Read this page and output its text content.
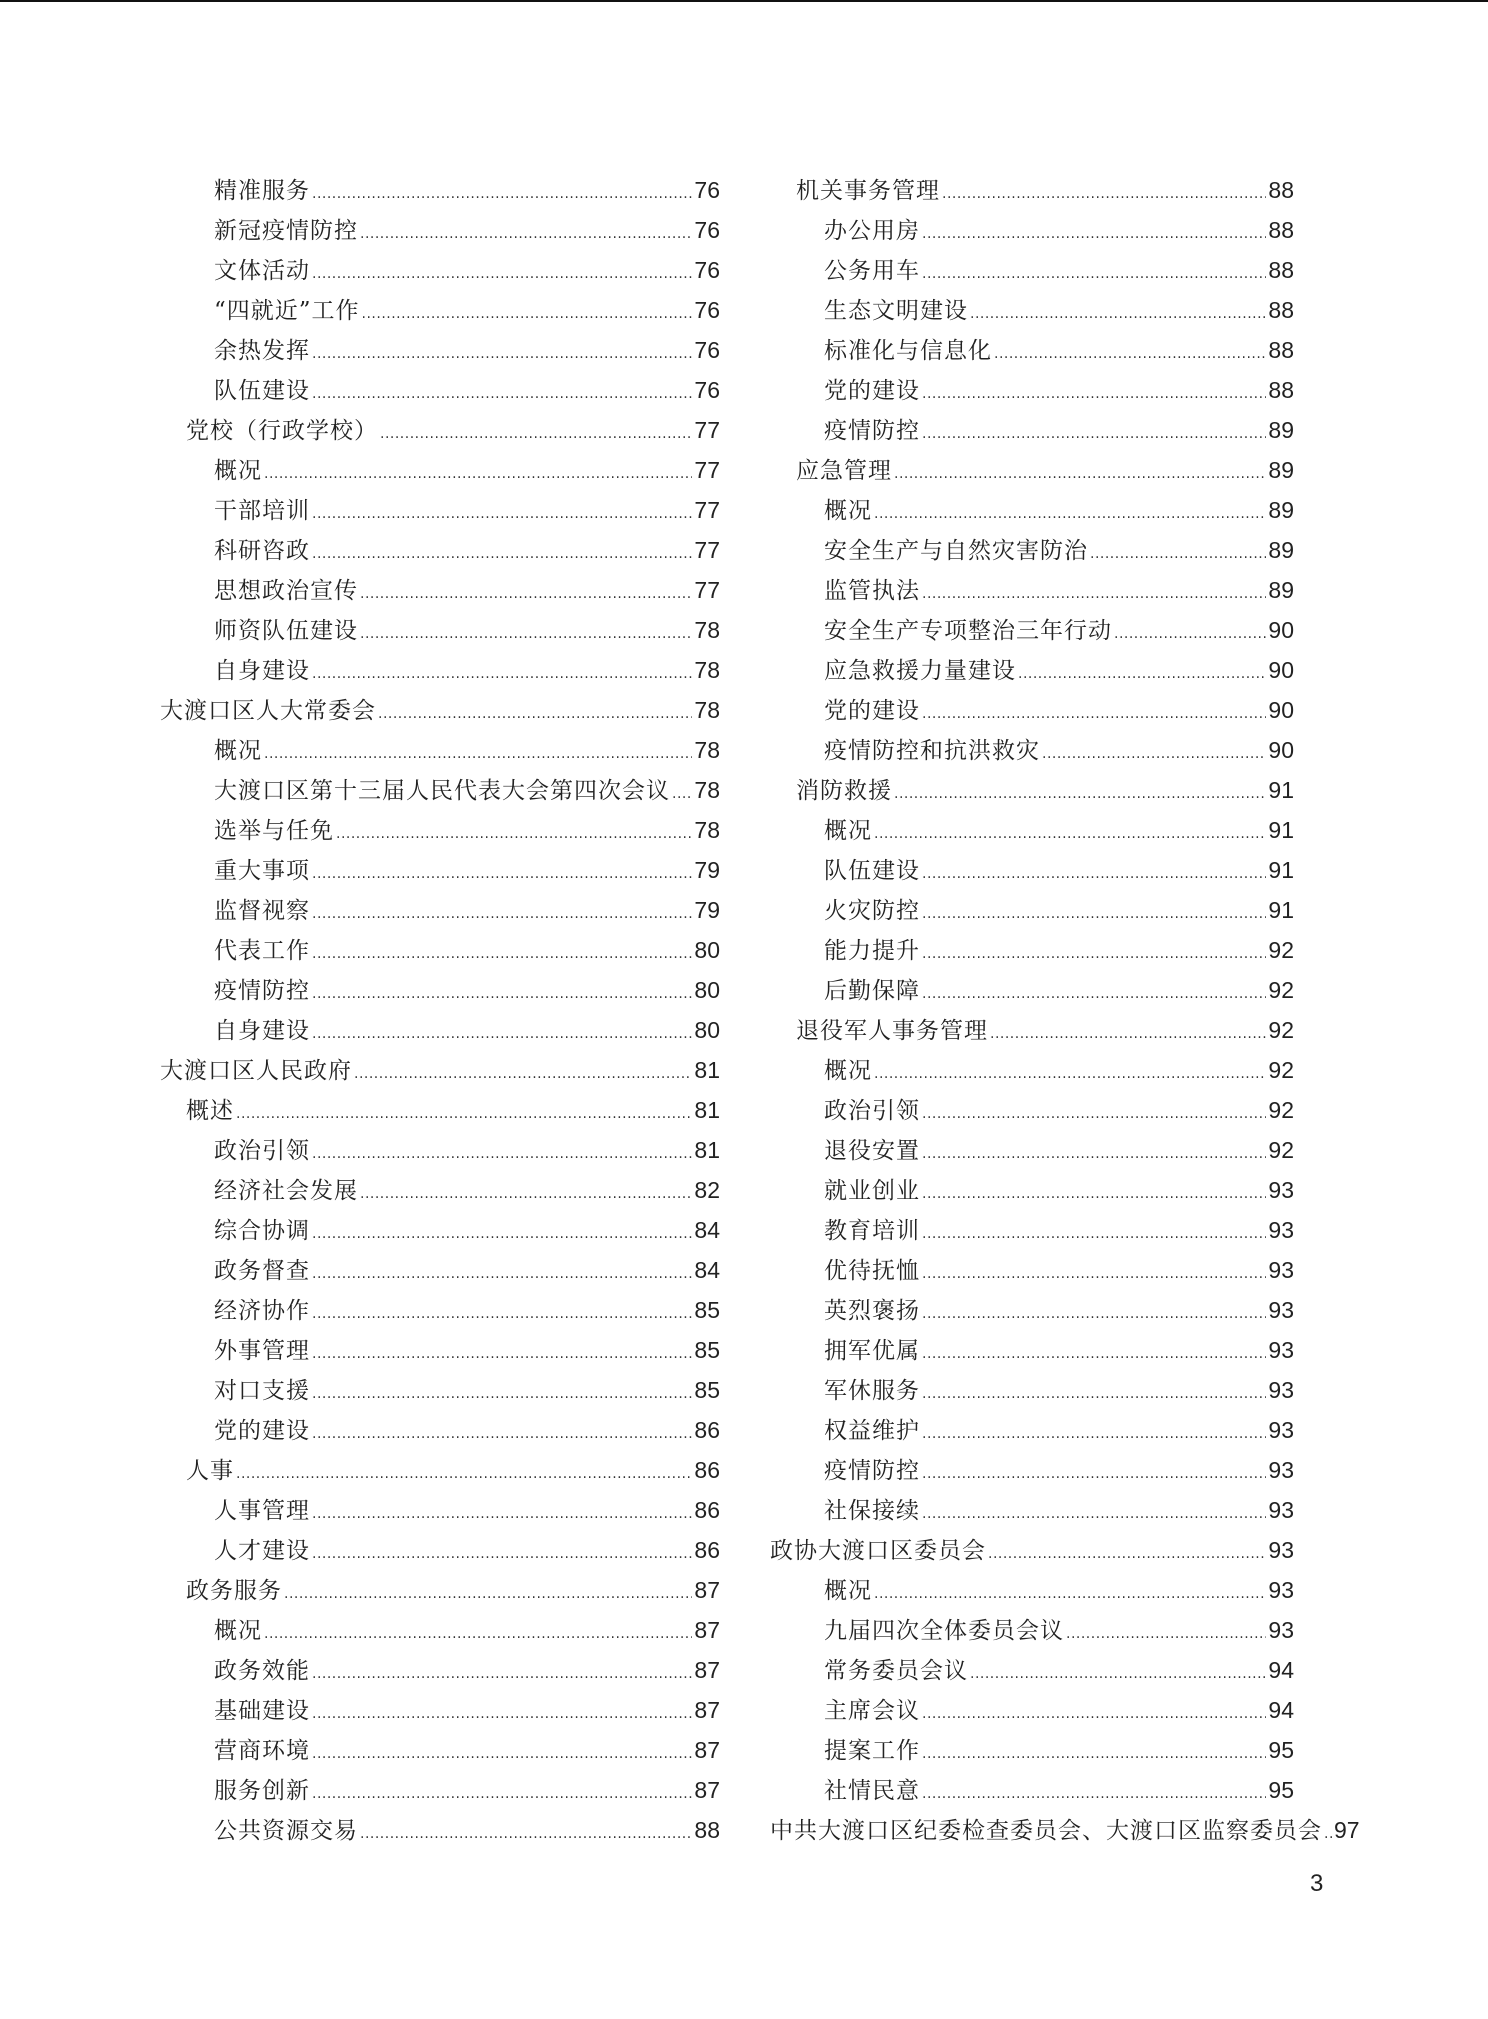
精准服务 .....	76
新冠疫情防控 .....	76
文体活动 .....	76
“四就近”工作 .....	76
余热发挥 .....	76
队伍建设 .....	76
党校（行政学校） .....	77
概况 .....	77
干部培训 .....	77
科研咨政 .....	77
思想政治宣传 .....	77
师资队伍建设 .....	78
自身建设 .....	78
大渡口区人大常委会 .....	78
概况 .....	78
大渡口区第十三届人民代表大会第四次会议 ..... 78
选举与任免 .....	78
重大事项 .....	79
监督视察 .....	79
代表工作 .....	80
疫情防控 .....	80
自身建设 .....	80
大渡口区人民政府 .....	81
概述 .....	81
政治引领 .....	81
经济社会发展 .....	82
综合协调 .....	84
政务督查 .....	84
经济协作 .....	85
外事管理 .....	85
对口支援 .....	85
党的建设 .....	86
人事 .....	86
人事管理 .....	86
人才建设 .....	86
政务服务 .....	87
概况 .....	87
政务效能 .....	87
基础建设 .....	87
营商环境 .....	87
服务创新 .....	87
公共资源交易 .....	88
机关事务管理 .....	88
办公用房 .....	88
公务用车 .....	88
生态文明建设 .....	88
标准化与信息化 .....	88
党的建设 .....	88
疫情防控 .....	89
应急管理 .....	89
概况 .....	89
安全生产与自然灾害防治 .....	89
监管执法 .....	89
安全生产专项整治三年行动 .....	90
应急救援力量建设 .....	90
党的建设 .....	90
疫情防控和抗洪救灾 .....	90
消防救援 .....	91
概况 .....	91
队伍建设 .....	91
火灾防控 .....	91
能力提升 .....	92
后勤保障 .....	92
退役军人事务管理 .....	92
概况 .....	92
政治引领 .....	92
退役安置 .....	92
就业创业 .....	93
教育培训 .....	93
优待抚恤 .....	93
英烈褒扬 .....	93
拥军优属 .....	93
军休服务 .....	93
权益维护 .....	93
疫情防控 .....	93
社保接续 .....	93
政协大渡口区委员会 .....	93
概况 .....	93
九届四次全体委员会议 .....	93
常务委员会议 .....	94
主席会议 .....	94
提案工作 .....	95
社情民意 .....	95
中共大渡口区纪委检查委员会、大渡口区监察委员会 ..... 97
3
